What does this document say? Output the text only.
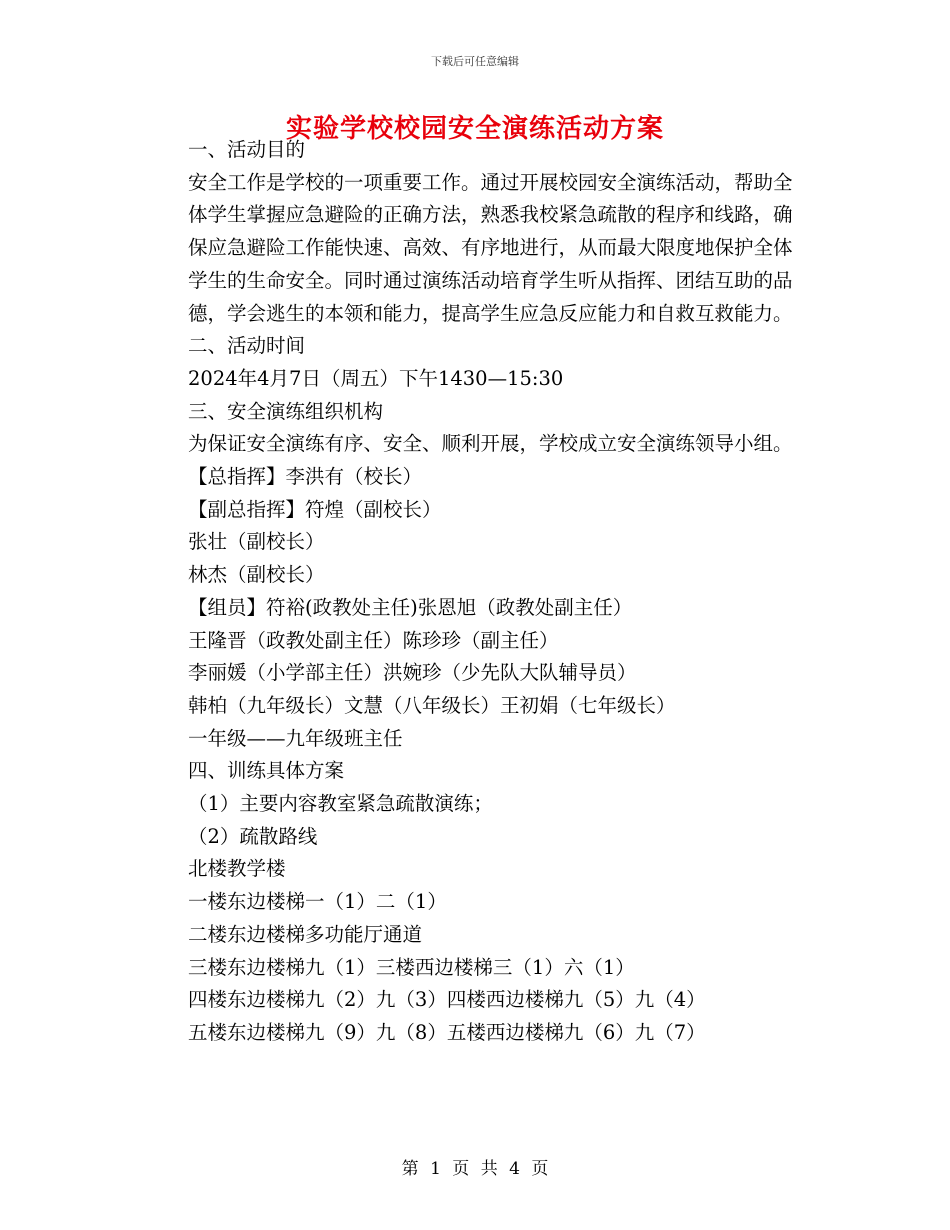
下载后可任意编辑
实验学校校园安全演练活动方案

一、活动目的

安全工作是学校的一项重要工作。通过开展校园安全演练活动，帮助全体学生掌握应急避险的正确方法，熟悉我校紧急疏散的程序和线路，确保应急避险工作能快速、高效、有序地进行，从而最大限度地保护全体学生的生命安全。同时通过演练活动培育学生听从指挥、团结互助的品德，学会逃生的本领和能力，提高学生应急反应能力和自救互救能力。

二、活动时间

2024年4月7日（周五）下午1430—15:30

三、安全演练组织机构

为保证安全演练有序、安全、顺利开展，学校成立安全演练领导小组。

【总指挥】李洪有（校长）

【副总指挥】符煌（副校长）

张壮（副校长）

林杰（副校长）

【组员】符裕(政教处主任)张恩旭（政教处副主任）

王隆晋（政教处副主任）陈珍珍（副主任）

李丽媛（小学部主任）洪婉珍（少先队大队辅导员）

韩柏（九年级长）文慧（八年级长）王初娟（七年级长）

一年级——九年级班主任

四、训练具体方案

（1）主要内容教室紧急疏散演练；

（2）疏散路线

北楼教学楼

一楼东边楼梯一（1）二（1）

二楼东边楼梯多功能厅通道

三楼东边楼梯九（1）三楼西边楼梯三（1）六（1）

四楼东边楼梯九（2）九（3）四楼西边楼梯九（5）九（4）

五楼东边楼梯九（9）九（8）五楼西边楼梯九（6）九（7）

第 1 页 共 4 页
